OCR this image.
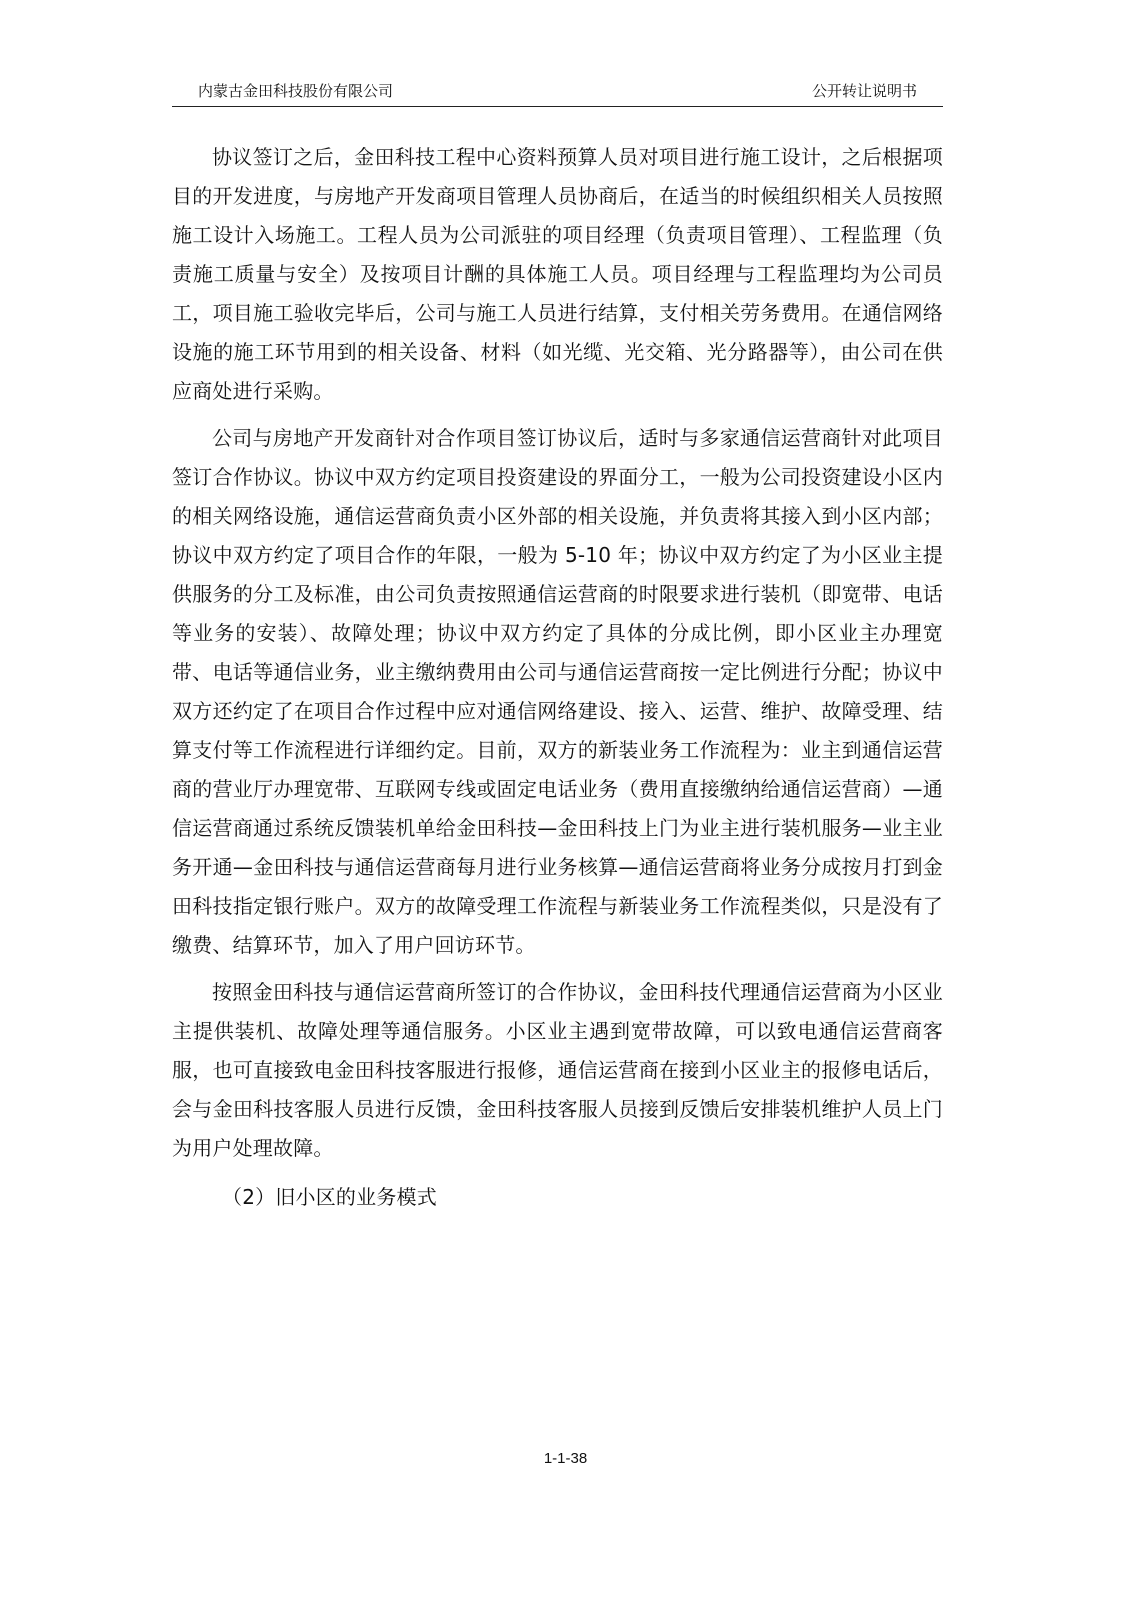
内蒙古金田科技股份有限公司	公开转让说明书

协议签订之后，金田科技工程中心资料预算人员对项目进行施工设计，之后根据项目的开发进度，与房地产开发商项目管理人员协商后，在适当的时候组织相关人员按照施工设计入场施工。工程人员为公司派驻的项目经理（负责项目管理）、工程监理（负责施工质量与安全）及按项目计酬的具体施工人员。项目经理与工程监理均为公司员工，项目施工验收完毕后，公司与施工人员进行结算，支付相关劳务费用。在通信网络设施的施工环节用到的相关设备、材料（如光缆、光交箱、光分路器等），由公司在供应商处进行采购。

公司与房地产开发商针对合作项目签订协议后，适时与多家通信运营商针对此项目签订合作协议。协议中双方约定项目投资建设的界面分工，一般为公司投资建设小区内的相关网络设施，通信运营商负责小区外部的相关设施，并负责将其接入到小区内部；协议中双方约定了项目合作的年限，一般为 5-10 年；协议中双方约定了为小区业主提供服务的分工及标准，由公司负责按照通信运营商的时限要求进行装机（即宽带、电话等业务的安装）、故障处理；协议中双方约定了具体的分成比例，即小区业主办理宽带、电话等通信业务，业主缴纳费用由公司与通信运营商按一定比例进行分配；协议中双方还约定了在项目合作过程中应对通信网络建设、接入、运营、维护、故障受理、结算支付等工作流程进行详细约定。目前，双方的新装业务工作流程为：业主到通信运营商的营业厅办理宽带、互联网专线或固定电话业务（费用直接缴纳给通信运营商）—通信运营商通过系统反馈装机单给金田科技—金田科技上门为业主进行装机服务—业主业务开通—金田科技与通信运营商每月进行业务核算—通信运营商将业务分成按月打到金田科技指定银行账户。双方的故障受理工作流程与新装业务工作流程类似，只是没有了缴费、结算环节，加入了用户回访环节。

按照金田科技与通信运营商所签订的合作协议，金田科技代理通信运营商为小区业主提供装机、故障处理等通信服务。小区业主遇到宽带故障，可以致电通信运营商客服，也可直接致电金田科技客服进行报修，通信运营商在接到小区业主的报修电话后，会与金田科技客服人员进行反馈，金田科技客服人员接到反馈后安排装机维护人员上门为用户处理故障。

（2）旧小区的业务模式

1-1-38
